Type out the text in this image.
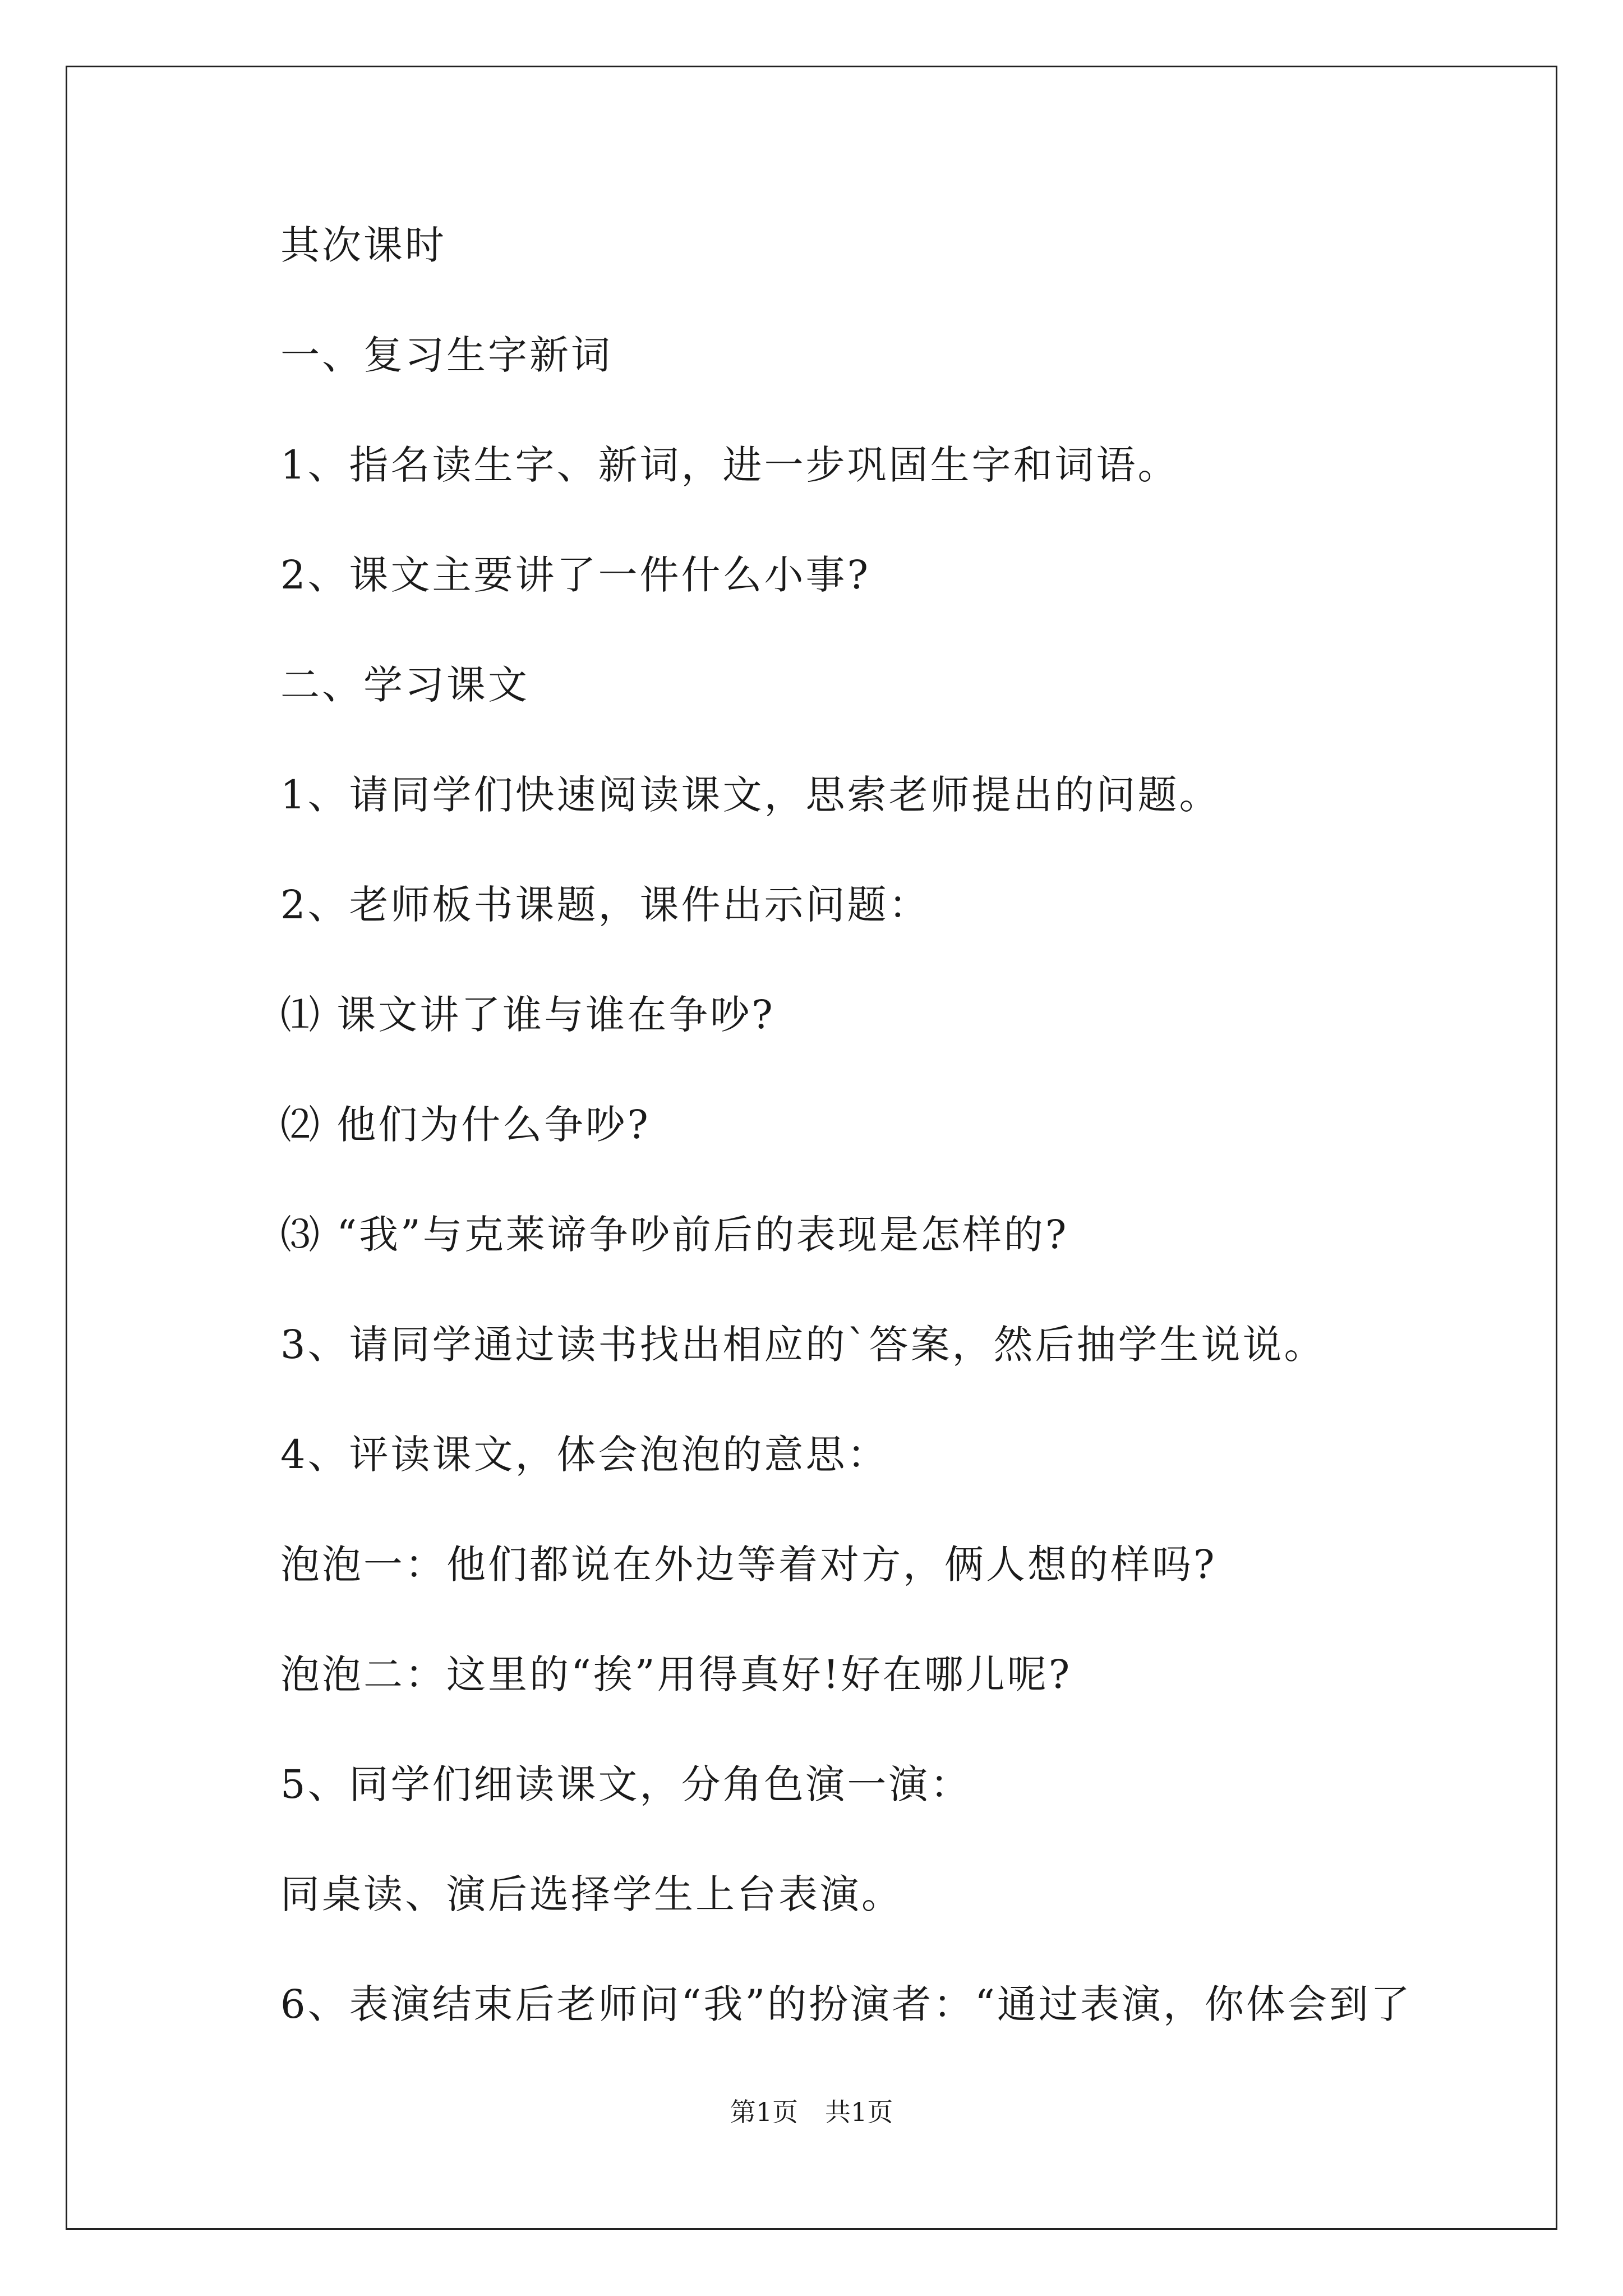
其次课时
一、复习生字新词
1、指名读生字、新词，进一步巩固生字和词语。
2、课文主要讲了一件什么小事?
二、学习课文
1、请同学们快速阅读课文，思索老师提出的问题。
2、老师板书课题，课件出示问题：
⑴ 课文讲了谁与谁在争吵?
⑵ 他们为什么争吵?
⑶ “我”与克莱谛争吵前后的表现是怎样的?
3、请同学通过读书找出相应的`答案，然后抽学生说说。
4、评读课文，体会泡泡的意思：
泡泡一：他们都说在外边等着对方，俩人想的样吗?
泡泡二：这里的“挨”用得真好!好在哪儿呢?
5、同学们细读课文，分角色演一演：
同桌读、演后选择学生上台表演。
6、表演结束后老师问“我”的扮演者：“通过表演，你体会到了
第1页 共1页
